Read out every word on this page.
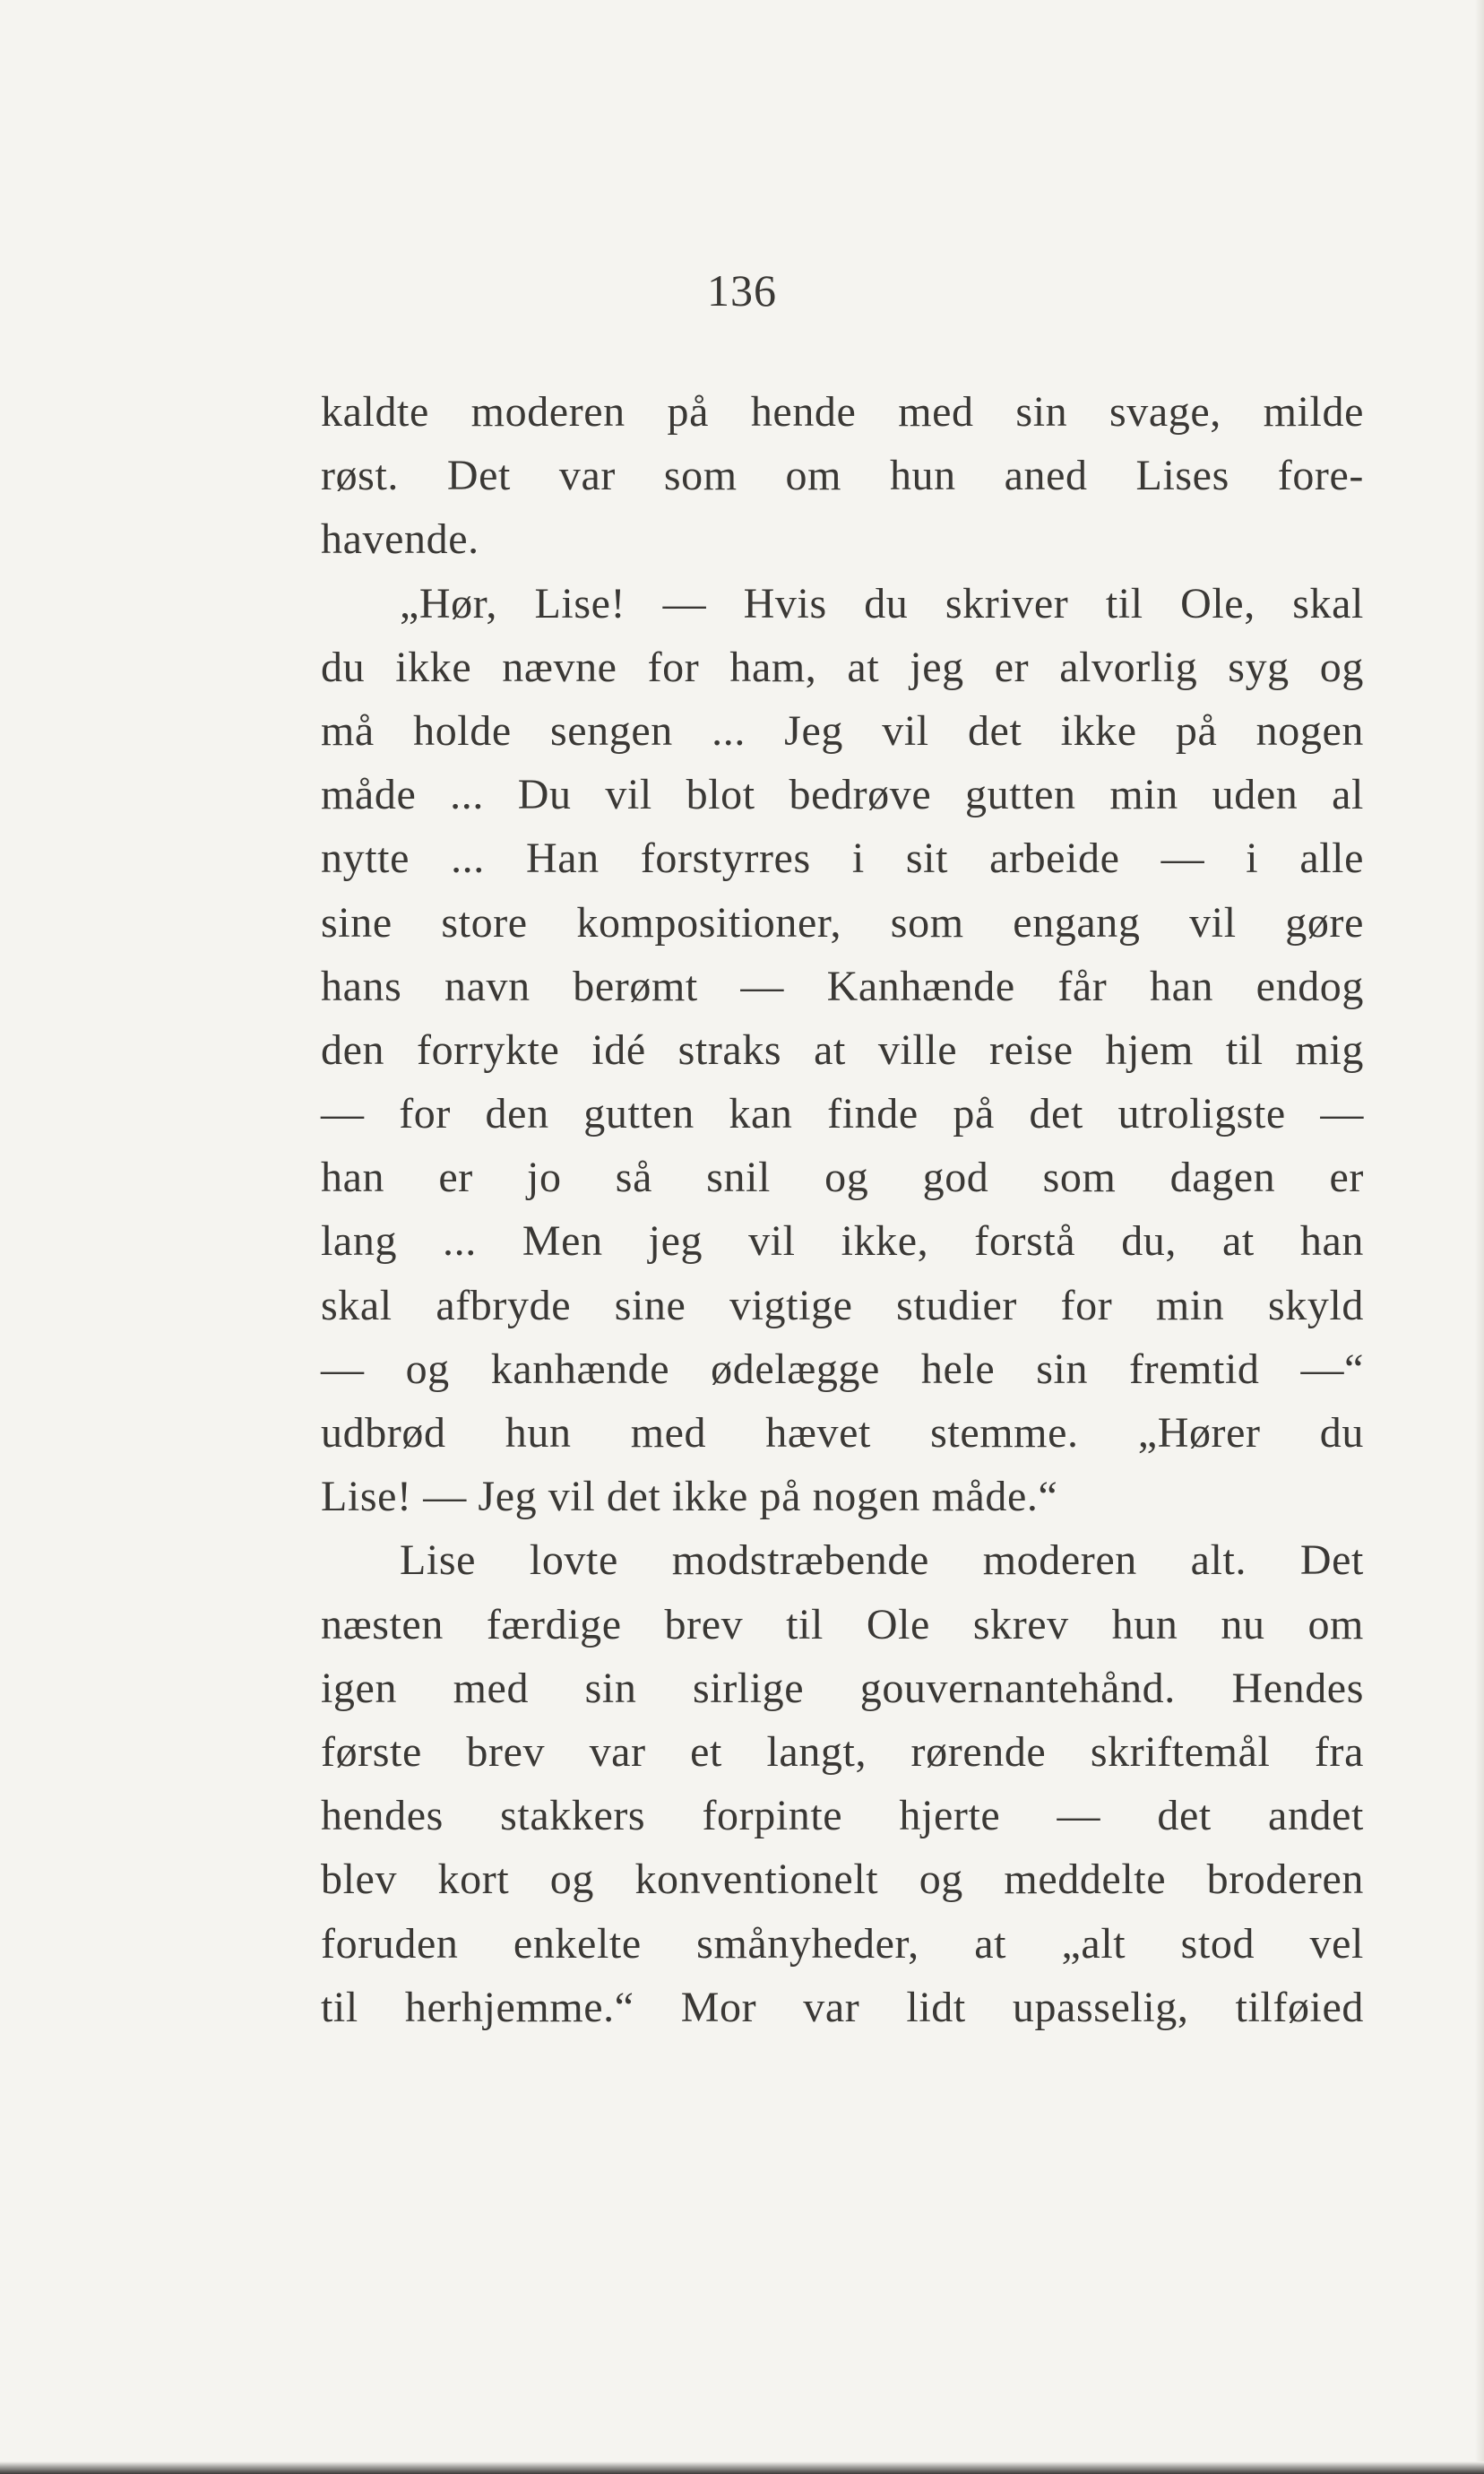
136
kaldte moderen på hende med sin svage, milde
røst. Det var som om hun aned Lises fore-
havende.
„Hør, Lise! — Hvis du skriver til Ole, skal
du ikke nævne for ham, at jeg er alvorlig syg og
må holde sengen ... Jeg vil det ikke på nogen
måde ... Du vil blot bedrøve gutten min uden al
nytte ... Han forstyrres i sit arbeide — i alle
sine store kompositioner, som engang vil gøre
hans navn berømt — Kanhænde får han endog
den forrykte idé straks at ville reise hjem til mig
— for den gutten kan finde på det utroligste —
han er jo så snil og god som dagen er
lang ... Men jeg vil ikke, forstå du, at han
skal afbryde sine vigtige studier for min skyld
— og kanhænde ødelægge hele sin fremtid —“
udbrød hun med hævet stemme. „Hører du
Lise! — Jeg vil det ikke på nogen måde.“
Lise lovte modstræbende moderen alt. Det
næsten færdige brev til Ole skrev hun nu om
igen med sin sirlige gouvernantehånd. Hendes
første brev var et langt, rørende skriftemål fra
hendes stakkers forpinte hjerte — det andet
blev kort og konventionelt og meddelte broderen
foruden enkelte smånyheder, at „alt stod vel
til herhjemme.“ Mor var lidt upasselig, tilføied
